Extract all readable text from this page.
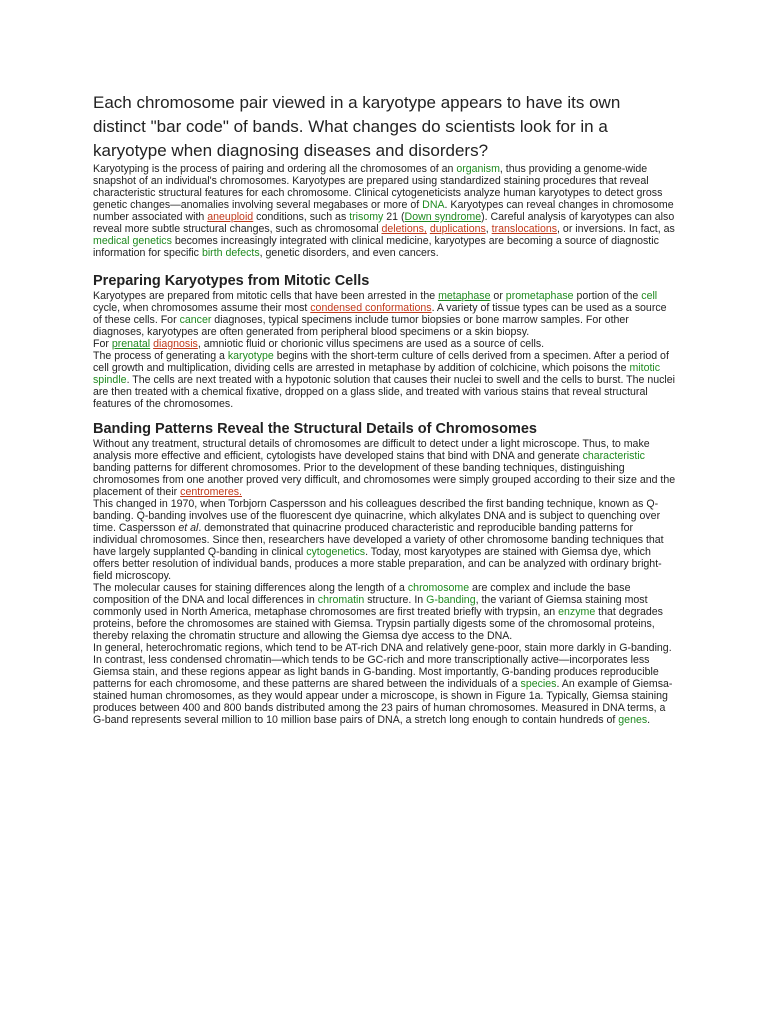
Each chromosome pair viewed in a karyotype appears to have its own distinct "bar code" of bands. What changes do scientists look for in a karyotype when diagnosing diseases and disorders?

Karyotyping is the process of pairing and ordering all the chromosomes of an organism, thus providing a genome-wide snapshot of an individual's chromosomes. Karyotypes are prepared using standardized staining procedures that reveal characteristic structural features for each chromosome. Clinical cytogeneticists analyze human karyotypes to detect gross genetic changes—anomalies involving several megabases or more of DNA. Karyotypes can reveal changes in chromosome number associated with aneuploid conditions, such as trisomy 21 (Down syndrome). Careful analysis of karyotypes can also reveal more subtle structural changes, such as chromosomal deletions, duplications, translocations, or inversions. In fact, as medical genetics becomes increasingly integrated with clinical medicine, karyotypes are becoming a source of diagnostic information for specific birth defects, genetic disorders, and even cancers.

Preparing Karyotypes from Mitotic Cells

Karyotypes are prepared from mitotic cells that have been arrested in the metaphase or prometaphase portion of the cell cycle, when chromosomes assume their most condensed conformations. A variety of tissue types can be used as a source of these cells. For cancer diagnoses, typical specimens include tumor biopsies or bone marrow samples. For other diagnoses, karyotypes are often generated from peripheral blood specimens or a skin biopsy.

For prenatal diagnosis, amniotic fluid or chorionic villus specimens are used as a source of cells.

The process of generating a karyotype begins with the short-term culture of cells derived from a specimen. After a period of cell growth and multiplication, dividing cells are arrested in metaphase by addition of colchicine, which poisons the mitotic spindle. The cells are next treated with a hypotonic solution that causes their nuclei to swell and the cells to burst. The nuclei are then treated with a chemical fixative, dropped on a glass slide, and treated with various stains that reveal structural features of the chromosomes.

Banding Patterns Reveal the Structural Details of Chromosomes

Without any treatment, structural details of chromosomes are difficult to detect under a light microscope. Thus, to make analysis more effective and efficient, cytologists have developed stains that bind with DNA and generate characteristic banding patterns for different chromosomes. Prior to the development of these banding techniques, distinguishing chromosomes from one another proved very difficult, and chromosomes were simply grouped according to their size and the placement of their centromeres.

This changed in 1970, when Torbjorn Caspersson and his colleagues described the first banding technique, known as Q-banding. Q-banding involves use of the fluorescent dye quinacrine, which alkylates DNA and is subject to quenching over time. Caspersson et al. demonstrated that quinacrine produced characteristic and reproducible banding patterns for individual chromosomes. Since then, researchers have developed a variety of other chromosome banding techniques that have largely supplanted Q-banding in clinical cytogenetics. Today, most karyotypes are stained with Giemsa dye, which offers better resolution of individual bands, produces a more stable preparation, and can be analyzed with ordinary bright-field microscopy.

The molecular causes for staining differences along the length of a chromosome are complex and include the base composition of the DNA and local differences in chromatin structure. In G-banding, the variant of Giemsa staining most commonly used in North America, metaphase chromosomes are first treated briefly with trypsin, an enzyme that degrades proteins, before the chromosomes are stained with Giemsa. Trypsin partially digests some of the chromosomal proteins, thereby relaxing the chromatin structure and allowing the Giemsa dye access to the DNA.

In general, heterochromatic regions, which tend to be AT-rich DNA and relatively gene-poor, stain more darkly in G-banding. In contrast, less condensed chromatin—which tends to be GC-rich and more transcriptionally active—incorporates less Giemsa stain, and these regions appear as light bands in G-banding. Most importantly, G-banding produces reproducible patterns for each chromosome, and these patterns are shared between the individuals of a species. An example of Giemsa-stained human chromosomes, as they would appear under a microscope, is shown in Figure 1a. Typically, Giemsa staining produces between 400 and 800 bands distributed among the 23 pairs of human chromosomes. Measured in DNA terms, a G-band represents several million to 10 million base pairs of DNA, a stretch long enough to contain hundreds of genes.
